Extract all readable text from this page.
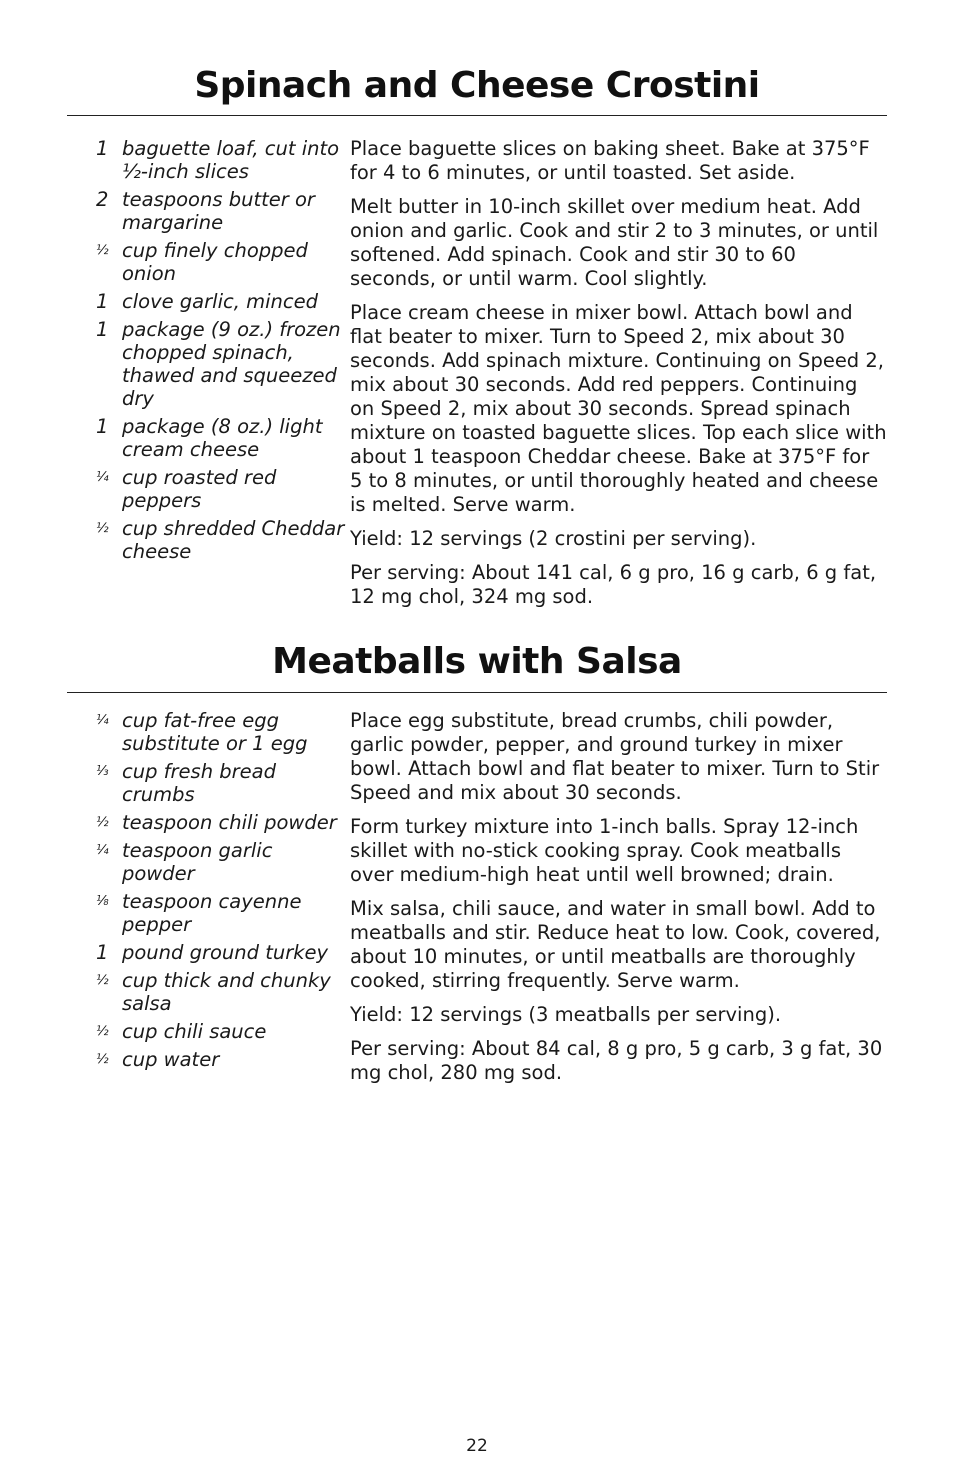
Spinach and Cheese Crostini
1 baguette loaf, cut into ½-inch slices
2 teaspoons butter or margarine
½ cup finely chopped onion
1 clove garlic, minced
1 package (9 oz.) frozen chopped spinach, thawed and squeezed dry
1 package (8 oz.) light cream cheese
¼ cup roasted red peppers
½ cup shredded Cheddar cheese

Place baguette slices on baking sheet. Bake at 375°F for 4 to 6 minutes, or until toasted. Set aside.

Melt butter in 10-inch skillet over medium heat. Add onion and garlic. Cook and stir 2 to 3 minutes, or until softened. Add spinach. Cook and stir 30 to 60 seconds, or until warm. Cool slightly.

Place cream cheese in mixer bowl. Attach bowl and flat beater to mixer. Turn to Speed 2, mix about 30 seconds. Add spinach mixture. Continuing on Speed 2, mix about 30 seconds. Add red peppers. Continuing on Speed 2, mix about 30 seconds. Spread spinach mixture on toasted baguette slices. Top each slice with about 1 teaspoon Cheddar cheese. Bake at 375°F for 5 to 8 minutes, or until thoroughly heated and cheese is melted. Serve warm.

Yield: 12 servings (2 crostini per serving).

Per serving: About 141 cal, 6 g pro, 16 g carb, 6 g fat, 12 mg chol, 324 mg sod.

Meatballs with Salsa
¼ cup fat-free egg substitute or 1 egg
⅓ cup fresh bread crumbs
½ teaspoon chili powder
¼ teaspoon garlic powder
⅛ teaspoon cayenne pepper
1 pound ground turkey
½ cup thick and chunky salsa
½ cup chili sauce
½ cup water

Place egg substitute, bread crumbs, chili powder, garlic powder, pepper, and ground turkey in mixer bowl. Attach bowl and flat beater to mixer. Turn to Stir Speed and mix about 30 seconds.

Form turkey mixture into 1-inch balls. Spray 12-inch skillet with no-stick cooking spray. Cook meatballs over medium-high heat until well browned; drain.

Mix salsa, chili sauce, and water in small bowl. Add to meatballs and stir. Reduce heat to low. Cook, covered, about 10 minutes, or until meatballs are thoroughly cooked, stirring frequently. Serve warm.

Yield: 12 servings (3 meatballs per serving).

Per serving: About 84 cal, 8 g pro, 5 g carb, 3 g fat, 30 mg chol, 280 mg sod.

22
